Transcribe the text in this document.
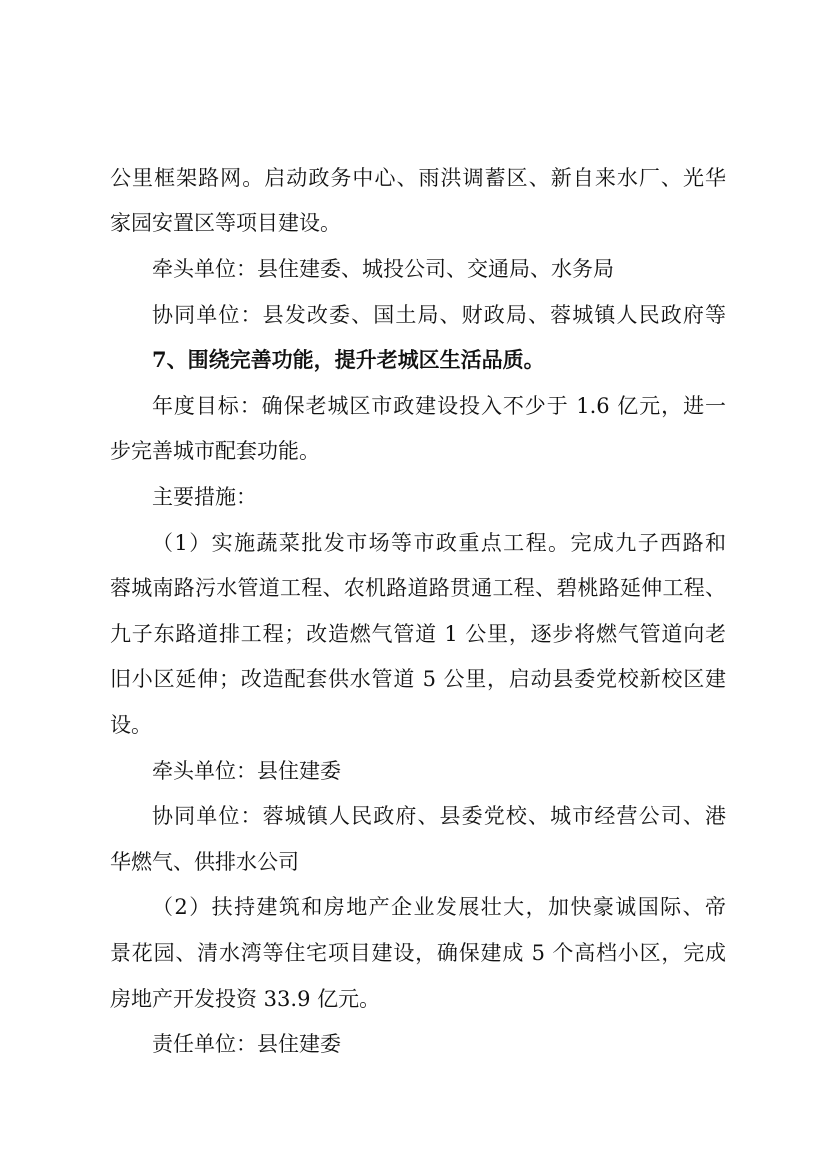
公里框架路网。启动政务中心、雨洪调蓄区、新自来水厂、光华
家园安置区等项目建设。
牵头单位：县住建委、城投公司、交通局、水务局
协同单位：县发改委、国土局、财政局、蓉城镇人民政府等
7、围绕完善功能，提升老城区生活品质。
年度目标：确保老城区市政建设投入不少于 1.6 亿元，进一
步完善城市配套功能。
主要措施：
（1）实施蔬菜批发市场等市政重点工程。完成九子西路和
蓉城南路污水管道工程、农机路道路贯通工程、碧桃路延伸工程、
九子东路道排工程；改造燃气管道 1 公里，逐步将燃气管道向老
旧小区延伸；改造配套供水管道 5 公里，启动县委党校新校区建
设。
牵头单位：县住建委
协同单位：蓉城镇人民政府、县委党校、城市经营公司、港
华燃气、供排水公司
（2）扶持建筑和房地产企业发展壮大，加快豪诚国际、帝
景花园、清水湾等住宅项目建设，确保建成 5 个高档小区，完成
房地产开发投资 33.9 亿元。
责任单位：县住建委
